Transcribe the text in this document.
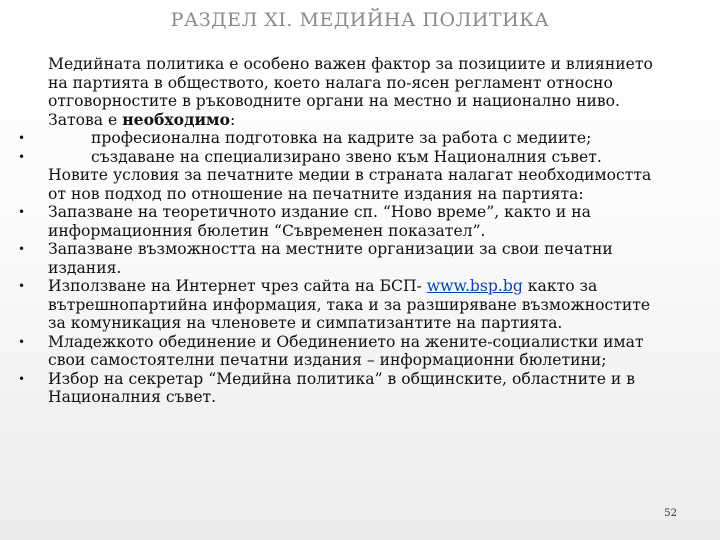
РАЗДЕЛ XI. МЕДИЙНА ПОЛИТИКА
Медийната политика е особено важен фактор за позициите и влиянието
на партията в обществото, което налага по-ясен регламент относно
отговорностите в ръководните органи на местно и национално ниво.
Затова е необходимо:
• професионална подготовка на кадрите за работа с медиите;
• създаване на специализирано звено към Националния съвет.
Новите условия за печатните медии в страната налагат необходимостта
от нов подход по отношение на печатните издания на партията:
• Запазване на теоретичното издание сп. “Ново време”, както и на
информационния бюлетин “Съвременен показател”.
• Запазване възможността на местните организации за свои печатни
издания.
• Използване на Интернет чрез сайта на БСП- www.bsp.bg както за
вътрешнопартийна информация, така и за разширяване възможностите
за комуникация на членовете и симпатизантите на партията.
• Младежкото обединение и Обединението на жените-социалистки имат
свои самостоятелни печатни издания – информационни бюлетини;
• Избор на секретар “Медийна политика” в общинските, областните и в
Националния съвет.
52
